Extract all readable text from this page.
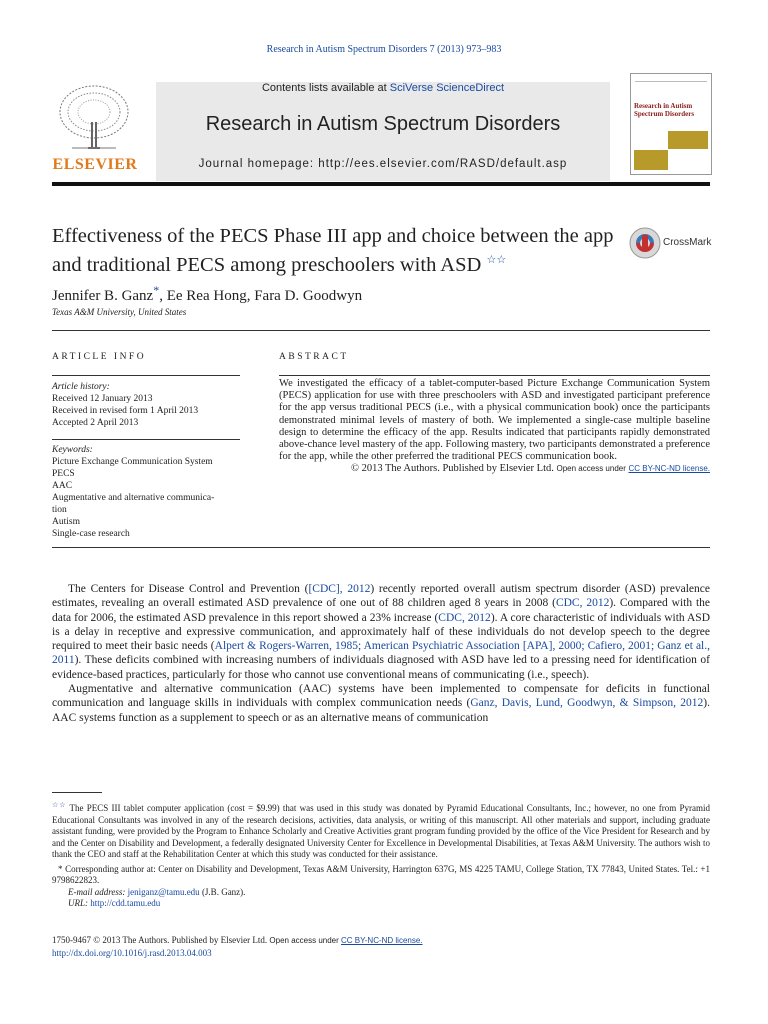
Research in Autism Spectrum Disorders 7 (2013) 973–983
ELSEVIER
Contents lists available at SciVerse ScienceDirect
Research in Autism Spectrum Disorders
Journal homepage: http://ees.elsevier.com/RASD/default.asp
Research in Autism Spectrum Disorders
Effectiveness of the PECS Phase III app and choice between the app and traditional PECS among preschoolers with ASD ☆☆
CrossMark
Jennifer B. Ganz*, Ee Rea Hong, Fara D. Goodwyn
Texas A&M University, United States
ARTICLE INFO
Article history:
Received 12 January 2013
Received in revised form 1 April 2013
Accepted 2 April 2013
Keywords:
Picture Exchange Communication System
PECS
AAC
Augmentative and alternative communica-
tion
Autism
Single-case research
ABSTRACT
We investigated the efficacy of a tablet-computer-based Picture Exchange Communication System (PECS) application for use with three preschoolers with ASD and investigated participant preference for the app versus traditional PECS (i.e., with a physical communication book) once the participants demonstrated minimal levels of mastery of both. We implemented a single-case multiple baseline design to determine the efficacy of the app. Results indicated that participants rapidly demonstrated above-chance level mastery of the app. Following mastery, two participants demonstrated a preference for the app, while the other preferred the traditional PECS communication book.
© 2013 The Authors. Published by Elsevier Ltd. Open access under CC BY-NC-ND license.

The Centers for Disease Control and Prevention ([CDC], 2012) recently reported overall autism spectrum disorder (ASD) prevalence estimates, revealing an overall estimated ASD prevalence of one out of 88 children aged 8 years in 2008 (CDC, 2012). Compared with the data for 2006, the estimated ASD prevalence in this report showed a 23% increase (CDC, 2012). A core characteristic of individuals with ASD is a delay in receptive and expressive communication, and approximately half of these individuals do not develop speech to the degree required to meet their basic needs (Alpert & Rogers-Warren, 1985; American Psychiatric Association [APA], 2000; Cafiero, 2001; Ganz et al., 2011). These deficits combined with increasing numbers of individuals diagnosed with ASD have led to a pressing need for identification of evidence-based practices, particularly for those who cannot use conventional means of communicating (i.e., speech).

Augmentative and alternative communication (AAC) systems have been implemented to compensate for deficits in functional communication and language skills in individuals with complex communication needs (Ganz, Davis, Lund, Goodwyn, & Simpson, 2012). AAC systems function as a supplement to speech or as an alternative means of communication

☆☆ The PECS III tablet computer application (cost = $9.99) that was used in this study was donated by Pyramid Educational Consultants, Inc.; however, no one from Pyramid Educational Consultants was involved in any of the research decisions, activities, data analysis, or writing of this manuscript. All other materials and support, including graduate assistant funding, were provided by the Program to Enhance Scholarly and Creative Activities grant program funding provided by the office of the Vice President for Research and by and the Center on Disability and Development, a federally designated University Center for Excellence in Developmental Disabilities, at Texas A&M University. The authors wish to thank the CEO and staff at the Rehabilitation Center at which this study was conducted for their assistance.

* Corresponding author at: Center on Disability and Development, Texas A&M University, Harrington 637G, MS 4225 TAMU, College Station, TX 77843, United States. Tel.: +1 9798622823.

E-mail address: jeniganz@tamu.edu (J.B. Ganz).

URL: http://cdd.tamu.edu

1750-9467 © 2013 The Authors. Published by Elsevier Ltd. Open access under CC BY-NC-ND license.
http://dx.doi.org/10.1016/j.rasd.2013.04.003
